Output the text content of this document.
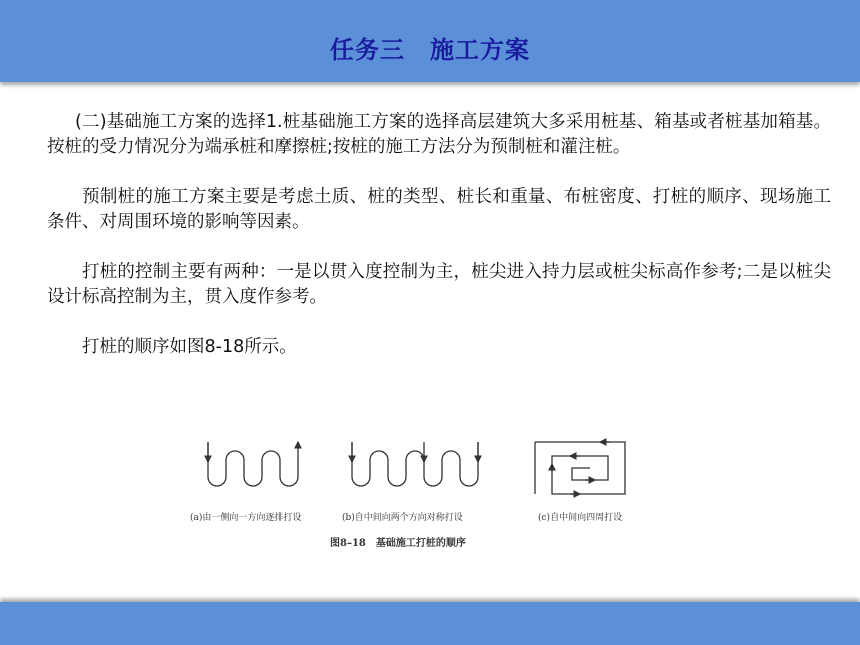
任务三　施工方案

(二)基础施工方案的选择1.桩基础施工方案的选择高层建筑大多采用桩基、箱基或者桩基加箱基。按桩的受力情况分为端承桩和摩擦桩;按桩的施工方法分为预制桩和灌注桩。

预制桩的施工方案主要是考虑土质、桩的类型、桩长和重量、布桩密度、打桩的顺序、现场施工条件、对周围环境的影响等因素。

打桩的控制主要有两种：一是以贯入度控制为主，桩尖进入持力层或桩尖标高作参考;二是以桩尖设计标高控制为主，贯入度作参考。

打桩的顺序如图8-18所示。

(a)由一侧向一方向逐排打设	(b)自中间向两个方向对称打设	(c)自中间向四周打设
图8–18　基础施工打桩的顺序
